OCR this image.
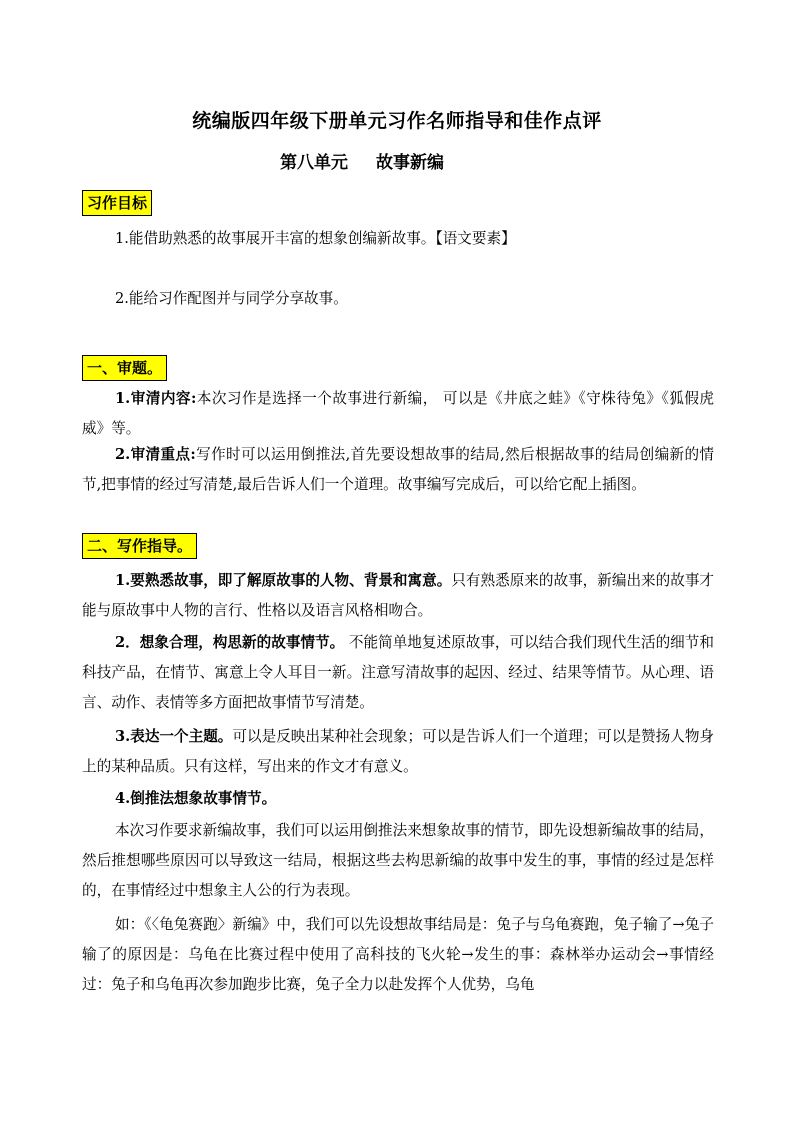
统编版四年级下册单元习作名师指导和佳作点评
第八单元 故事新编
习作目标
1.能借助熟悉的故事展开丰富的想象创编新故事。【语文要素】
2.能给习作配图并与同学分享故事。
一、审题。
1.审清内容:本次习作是选择一个故事进行新编， 可以是《井底之蛙》《守株待兔》《狐假虎威》等。
2.审清重点:写作时可以运用倒推法,首先要设想故事的结局,然后根据故事的结局创编新的情节,把事情的经过写清楚,最后告诉人们一个道理。故事编写完成后，可以给它配上插图。
二、写作指导。
1.要熟悉故事，即了解原故事的人物、背景和寓意。只有熟悉原来的故事，新编出来的故事才能与原故事中人物的言行、性格以及语言风格相吻合。
2．想象合理，构思新的故事情节。 不能简单地复述原故事，可以结合我们现代生活的细节和科技产品，在情节、寓意上令人耳目一新。注意写清故事的起因、经过、结果等情节。从心理、语言、动作、表情等多方面把故事情节写清楚。
3.表达一个主题。可以是反映出某种社会现象；可以是告诉人们一个道理；可以是赞扬人物身上的某种品质。只有这样，写出来的作文才有意义。
4.倒推法想象故事情节。
本次习作要求新编故事，我们可以运用倒推法来想象故事的情节，即先设想新编故事的结局，然后推想哪些原因可以导致这一结局，根据这些去构思新编的故事中发生的事，事情的经过是怎样的，在事情经过中想象主人公的行为表现。
如：《〈龟兔赛跑〉新编》中，我们可以先设想故事结局是：兔子与乌龟赛跑，兔子输了→兔子输了的原因是：乌龟在比赛过程中使用了高科技的飞火轮→发生的事：森林举办运动会→事情经过：兔子和乌龟再次参加跑步比赛，兔子全力以赴发挥个人优势，乌龟
